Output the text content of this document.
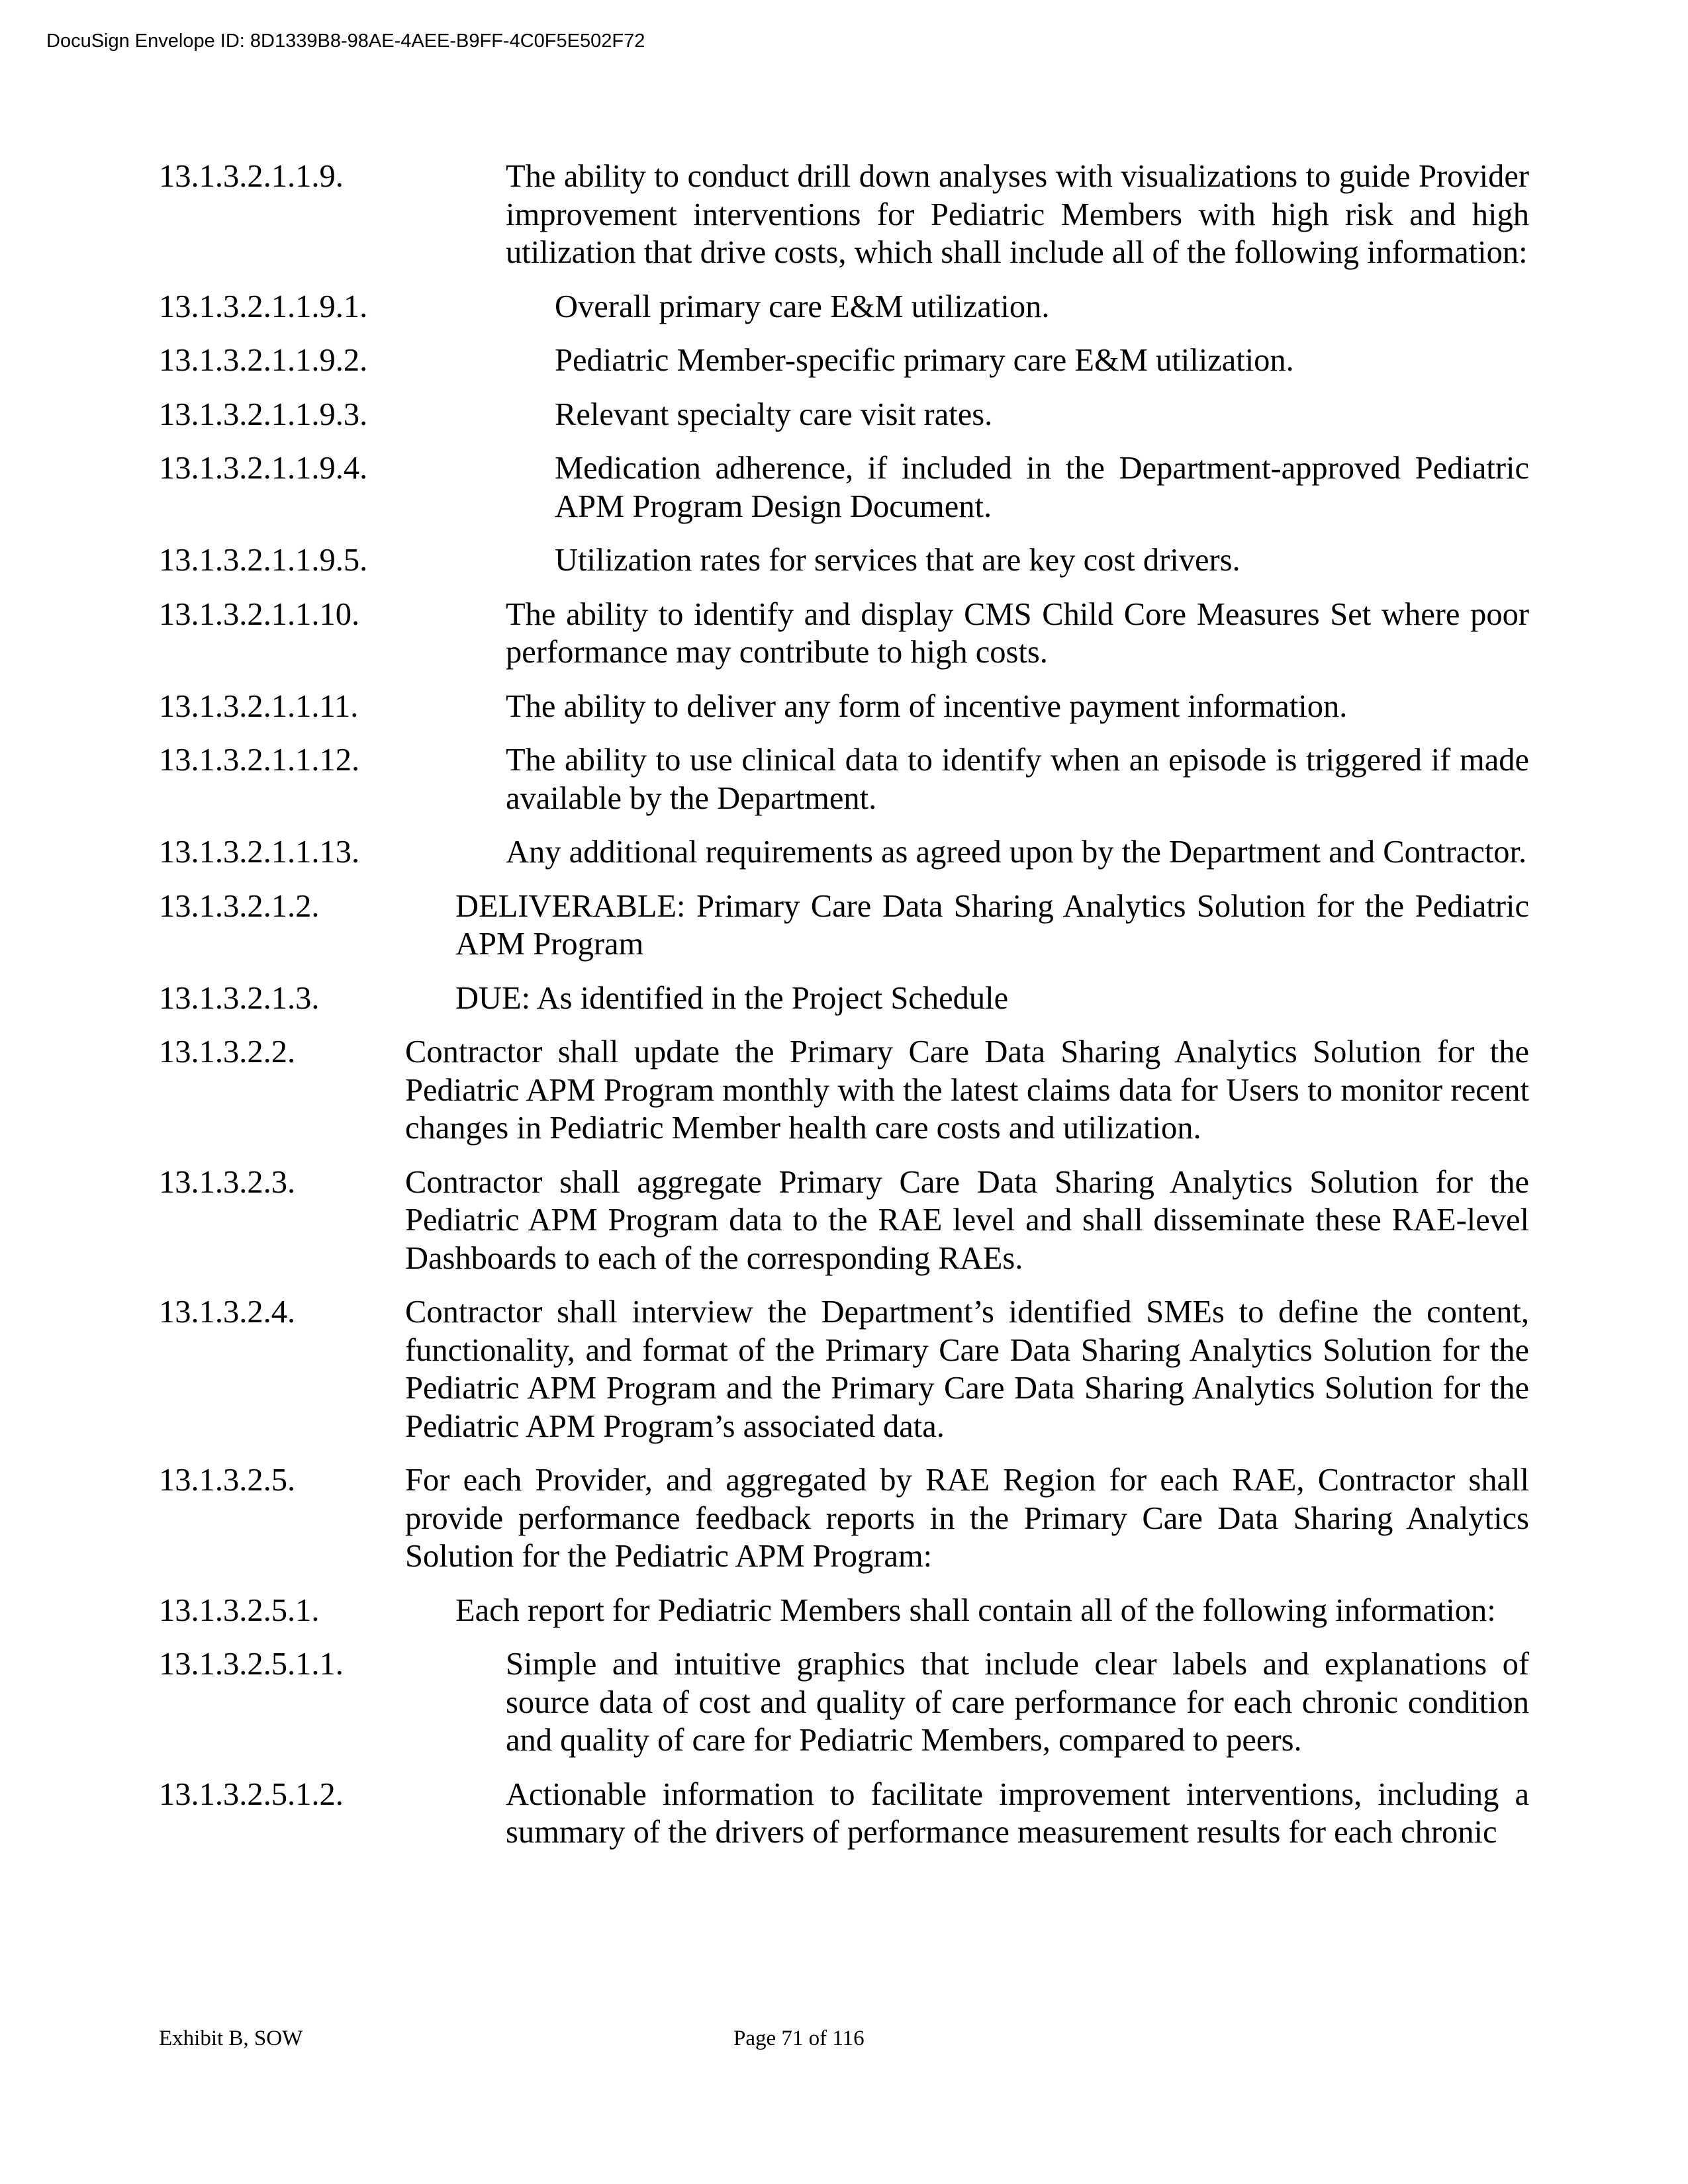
DocuSign Envelope ID: 8D1339B8-98AE-4AEE-B9FF-4C0F5E502F72
13.1.3.2.1.1.9.	The ability to conduct drill down analyses with visualizations to guide Provider improvement interventions for Pediatric Members with high risk and high utilization that drive costs, which shall include all of the following information:
13.1.3.2.1.1.9.1.	Overall primary care E&M utilization.
13.1.3.2.1.1.9.2.	Pediatric Member-specific primary care E&M utilization.
13.1.3.2.1.1.9.3.	Relevant specialty care visit rates.
13.1.3.2.1.1.9.4.	Medication adherence, if included in the Department-approved Pediatric APM Program Design Document.
13.1.3.2.1.1.9.5.	Utilization rates for services that are key cost drivers.
13.1.3.2.1.1.10.	The ability to identify and display CMS Child Core Measures Set where poor performance may contribute to high costs.
13.1.3.2.1.1.11.	The ability to deliver any form of incentive payment information.
13.1.3.2.1.1.12.	The ability to use clinical data to identify when an episode is triggered if made available by the Department.
13.1.3.2.1.1.13.	Any additional requirements as agreed upon by the Department and Contractor.
13.1.3.2.1.2.	DELIVERABLE: Primary Care Data Sharing Analytics Solution for the Pediatric APM Program
13.1.3.2.1.3.	DUE: As identified in the Project Schedule
13.1.3.2.2.	Contractor shall update the Primary Care Data Sharing Analytics Solution for the Pediatric APM Program monthly with the latest claims data for Users to monitor recent changes in Pediatric Member health care costs and utilization.
13.1.3.2.3.	Contractor shall aggregate Primary Care Data Sharing Analytics Solution for the Pediatric APM Program data to the RAE level and shall disseminate these RAE-level Dashboards to each of the corresponding RAEs.
13.1.3.2.4.	Contractor shall interview the Department’s identified SMEs to define the content, functionality, and format of the Primary Care Data Sharing Analytics Solution for the Pediatric APM Program and the Primary Care Data Sharing Analytics Solution for the Pediatric APM Program’s associated data.
13.1.3.2.5.	For each Provider, and aggregated by RAE Region for each RAE, Contractor shall provide performance feedback reports in the Primary Care Data Sharing Analytics Solution for the Pediatric APM Program:
13.1.3.2.5.1.	Each report for Pediatric Members shall contain all of the following information:
13.1.3.2.5.1.1.	Simple and intuitive graphics that include clear labels and explanations of source data of cost and quality of care performance for each chronic condition and quality of care for Pediatric Members, compared to peers.
13.1.3.2.5.1.2.	Actionable information to facilitate improvement interventions, including a summary of the drivers of performance measurement results for each chronic
Exhibit B, SOW	Page 71 of 116
